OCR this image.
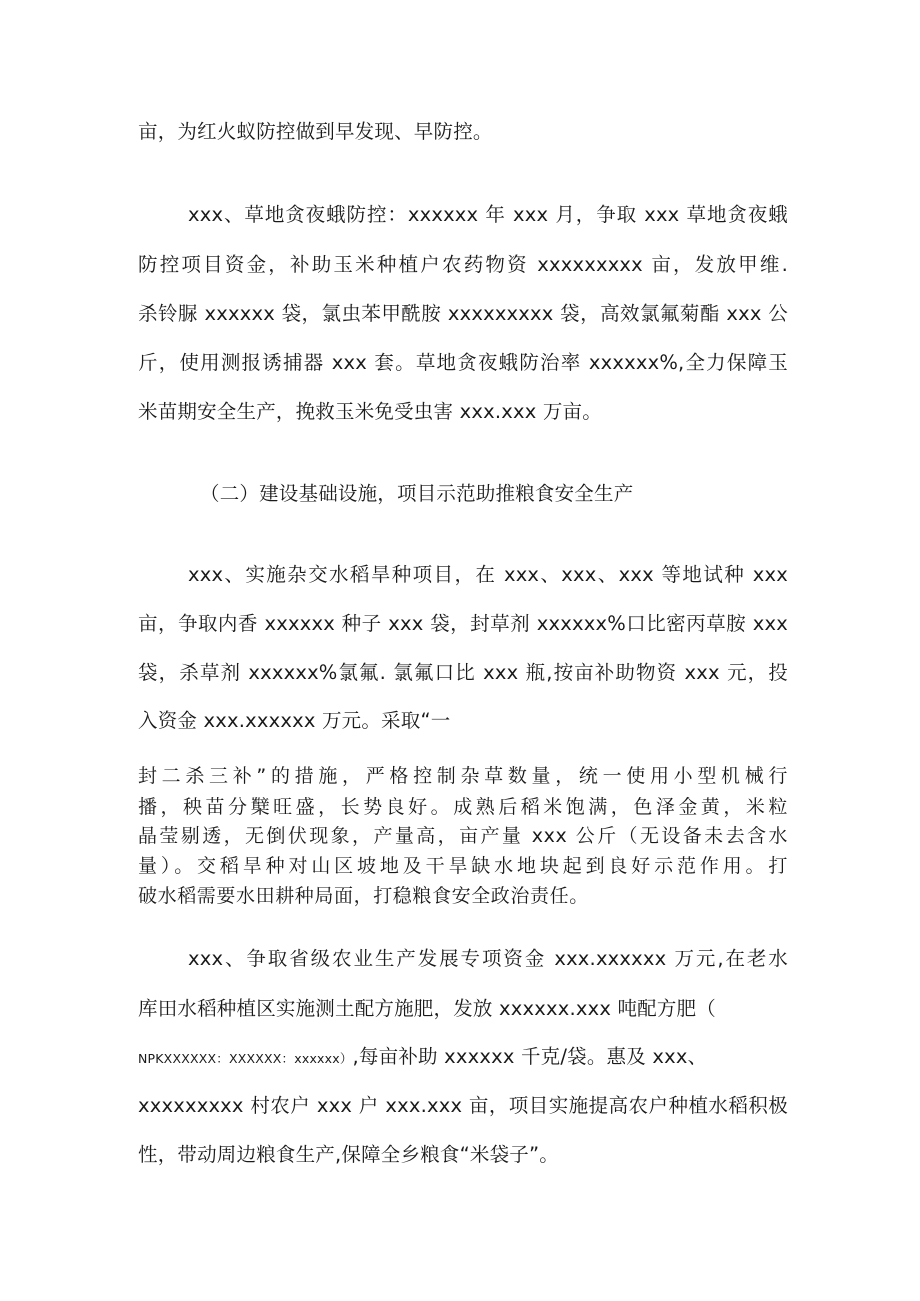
亩，为红火蚁防控做到早发现、早防控。
xxx、草地贪夜蛾防控：xxxxxx 年 xxx 月，争取 xxx 草地贪夜蛾
防控项目资金，补助玉米种植户农药物资 xxxxxxxxx 亩，发放甲维.
杀铃脲 xxxxxx 袋，氯虫苯甲酰胺 xxxxxxxxx 袋，高效氯氟菊酯 xxx 公
斤，使用测报诱捕器 xxx 套。草地贪夜蛾防治率 xxxxxx%,全力保障玉
米苗期安全生产，挽救玉米免受虫害 xxx.xxx 万亩。
（二）建设基础设施，项目示范助推粮食安全生产
xxx、实施杂交水稻旱种项目，在 xxx、xxx、xxx 等地试种 xxx
亩，争取内香 xxxxxx 种子 xxx 袋，封草剂 xxxxxx%口比密丙草胺 xxx
袋，杀草剂 xxxxxx%氯氟. 氯氟口比 xxx 瓶,按亩补助物资 xxx 元，投
入资金 xxx.xxxxxx 万元。采取“一
封二杀三补”的措施，严格控制杂草数量，统一使用小型机械行
播，秧苗分櫱旺盛，长势良好。成熟后稻米饱满，色泽金黄，米粒
晶莹剔透，无倒伏现象，产量高，亩产量 xxx 公斤（无设备未去含水
量）。交稻旱种对山区坡地及干旱缺水地块起到良好示范作用。打
破水稻需要水田耕种局面，打稳粮食安全政治责任。
xxx、争取省级农业生产发展专项资金 xxx.xxxxxx 万元,在老水
库田水稻种植区实施测土配方施肥，发放 xxxxxx.xxx 吨配方肥（
NPKXXXXXX：XXXXXX：xxxxxx）,每亩补助 xxxxxx 千克/袋。惠及 xxx、
xxxxxxxxx 村农户 xxx 户 xxx.xxx 亩，项目实施提高农户种植水稻积极
性，带动周边粮食生产,保障全乡粮食“米袋子”。
